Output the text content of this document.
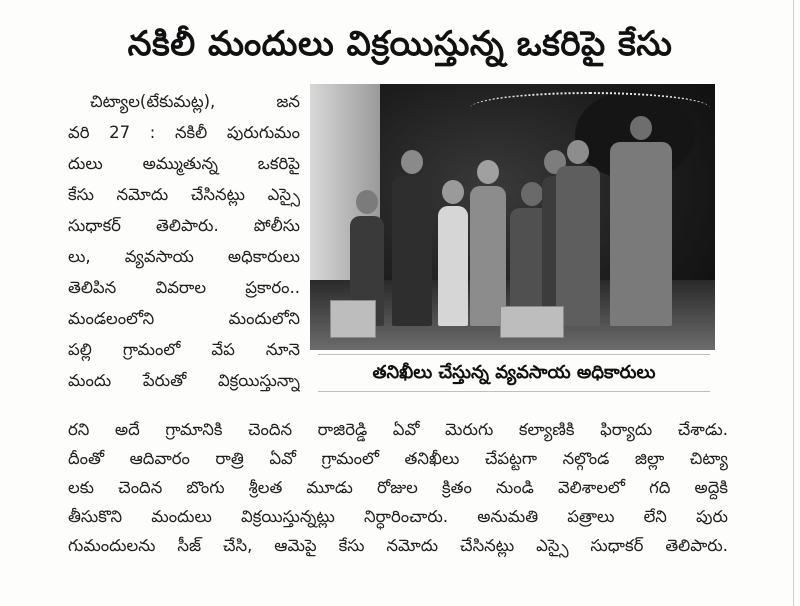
నకిలీ మందులు విక్రయిస్తున్న ఒకరిపై కేసు
చిట్యాల(టేకుమట్ల), జన
వరి 27 : నకిలీ పురుగుమం
దులు అమ్ముతున్న ఒకరిపై
కేసు నమోదు చేసినట్లు ఎస్సై
సుధాకర్ తెలిపారు. పోలీసు
లు, వ్యవసాయ అధికారులు
తెలిపిన వివరాల ప్రకారం..
మండలంలోని మందులోని
పల్లి గ్రామంలో వేప నూనె
మందు పేరుతో విక్రయిస్తున్నా	తనిఖీలు చేస్తున్న వ్యవసాయ అధికారులు
రని అదే గ్రామానికి చెందిన రాజిరెడ్డి ఏవో మెరుగు కల్యాణికి ఫిర్యాదు చేశాడు.
దీంతో ఆదివారం రాత్రి ఏవో గ్రామంలో తనిఖీలు చేపట్టగా నల్గొండ జిల్లా చిట్యా
లకు చెందిన బొంగు శ్రీలత మూడు రోజుల క్రితం నుండి వెలిశాలలో గది అద్దెకి
తీసుకొని మందులు విక్రయిస్తున్నట్లు నిర్ధారించారు. అనుమతి పత్రాలు లేని పురు
గుమందులను సీజ్ చేసి, ఆమెపై కేసు నమోదు చేసినట్లు ఎస్సై సుధాకర్ తెలిపారు.
